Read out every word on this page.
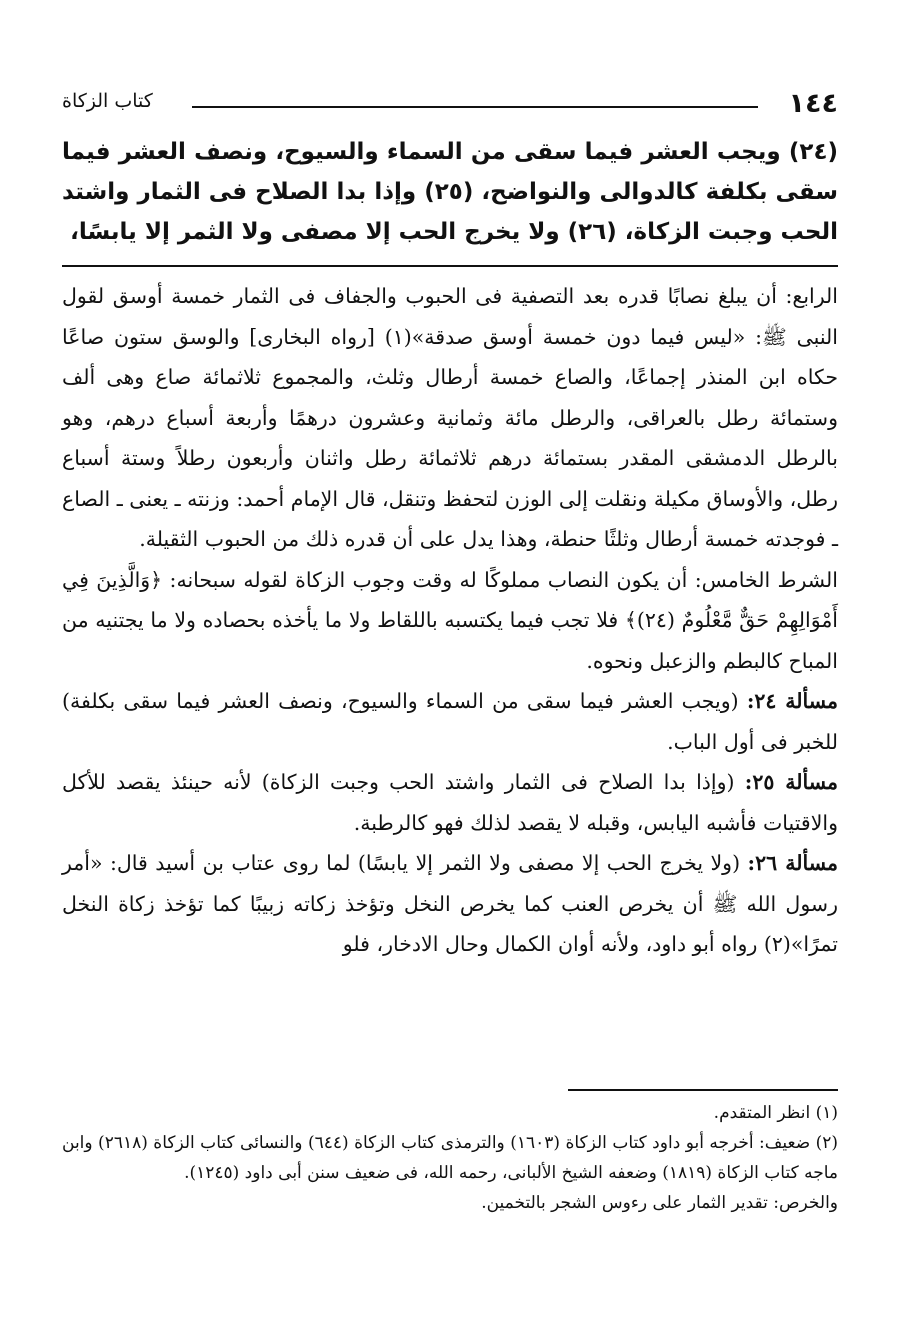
١٤٤
كتاب الزكاة

(٢٤) ويجب العشر فيما سقى من السماء والسيوح، ونصف العشر فيما سقى بكلفة كالدوالى والنواضح، (٢٥) وإذا بدا الصلاح فى الثمار واشتد الحب وجبت الزكاة، (٢٦) ولا يخرج الحب إلا مصفى ولا الثمر إلا يابسًا،

الرابع: أن يبلغ نصابًا قدره بعد التصفية فى الحبوب والجفاف فى الثمار خمسة أوسق لقول النبى ﷺ: «ليس فيما دون خمسة أوسق صدقة»(١) [رواه البخارى] والوسق ستون صاعًا حكاه ابن المنذر إجماعًا، والصاع خمسة أرطال وثلث، والمجموع ثلاثمائة صاع وهى ألف وستمائة رطل بالعراقى، والرطل مائة وثمانية وعشرون درهمًا وأربعة أسباع درهم، وهو بالرطل الدمشقى المقدر بستمائة درهم ثلاثمائة رطل واثنان وأربعون رطلاً وستة أسباع رطل، والأوساق مكيلة ونقلت إلى الوزن لتحفظ وتنقل، قال الإمام أحمد: وزنته ـ يعنى ـ الصاع ـ فوجدته خمسة أرطال وثلثًا حنطة، وهذا يدل على أن قدره ذلك من الحبوب الثقيلة.

الشرط الخامس: أن يكون النصاب مملوكًا له وقت وجوب الزكاة لقوله سبحانه: ﴿وَالَّذِينَ فِي أَمْوَالِهِمْ حَقٌّ مَّعْلُومٌ (٢٤)﴾ فلا تجب فيما يكتسبه باللقاط ولا ما يأخذه بحصاده ولا ما يجتنيه من المباح كالبطم والزعبل ونحوه.

مسألة ٢٤: (ويجب العشر فيما سقى من السماء والسيوح، ونصف العشر فيما سقى بكلفة) للخبر فى أول الباب.

مسألة ٢٥: (وإذا بدا الصلاح فى الثمار واشتد الحب وجبت الزكاة) لأنه حينئذ يقصد للأكل والاقتيات فأشبه اليابس، وقبله لا يقصد لذلك فهو كالرطبة.

مسألة ٢٦: (ولا يخرج الحب إلا مصفى ولا الثمر إلا يابسًا) لما روى عتاب بن أسيد قال: «أمر رسول الله ﷺ أن يخرص العنب كما يخرص النخل وتؤخذ زكاته زبيبًا كما تؤخذ زكاة النخل تمرًا»(٢) رواه أبو داود، ولأنه أوان الكمال وحال الادخار، فلو

(١) انظر المتقدم.

(٢) ضعيف: أخرجه أبو داود كتاب الزكاة (١٦٠٣) والترمذى كتاب الزكاة (٦٤٤) والنسائى كتاب الزكاة (٢٦١٨) وابن ماجه كتاب الزكاة (١٨١٩) وضعفه الشيخ الألبانى، رحمه الله، فى ضعيف سنن أبى داود (١٢٤٥).

والخرص: تقدير الثمار على رءوس الشجر بالتخمين.
